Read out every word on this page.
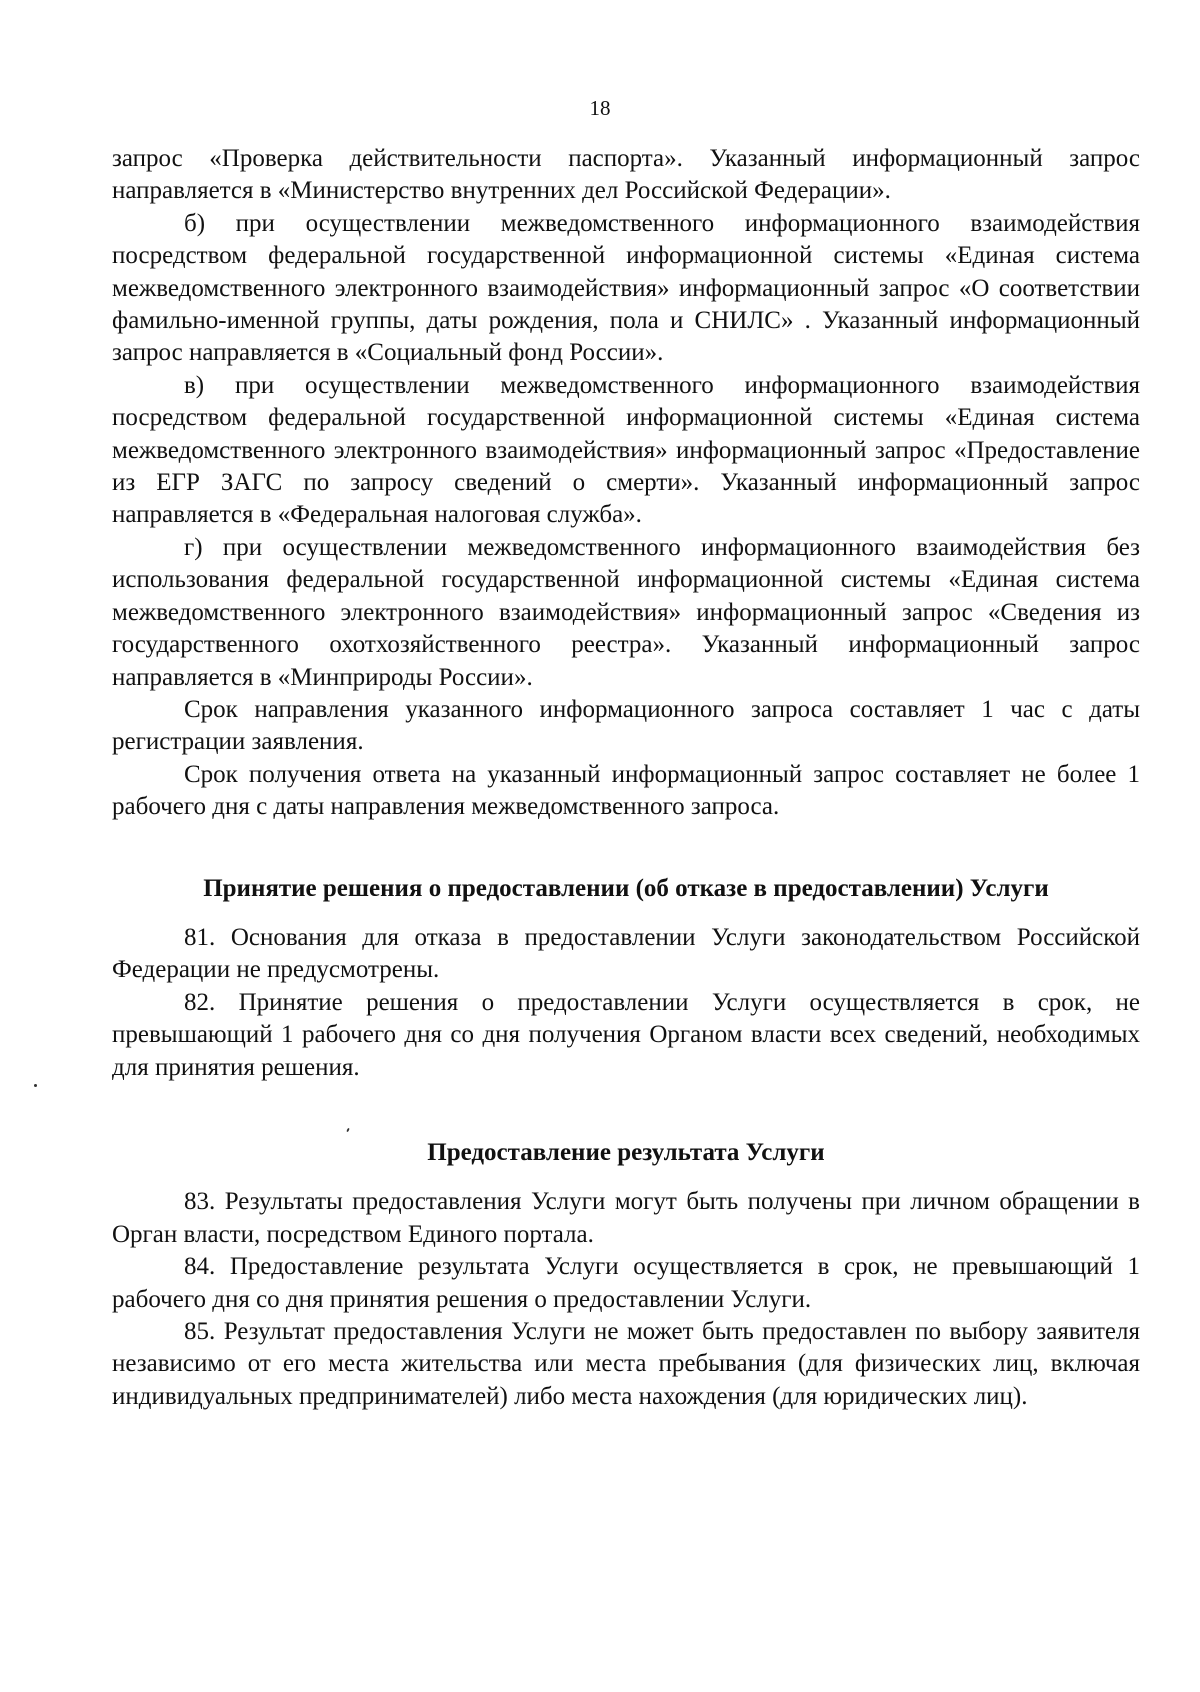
18

запрос «Проверка действительности паспорта». Указанный информационный запрос направляется в «Министерство внутренних дел Российской Федерации».

б) при осуществлении межведомственного информационного взаимодействия посредством федеральной государственной информационной системы «Единая система межведомственного электронного взаимодействия» информационный запрос «О соответствии фамильно-именной группы, даты рождения, пола и СНИЛС» . Указанный информационный запрос направляется в «Социальный фонд России».

в) при осуществлении межведомственного информационного взаимодействия посредством федеральной государственной информационной системы «Единая система межведомственного электронного взаимодействия» информационный запрос «Предоставление из ЕГР ЗАГС по запросу сведений о смерти». Указанный информационный запрос направляется в «Федеральная налоговая служба».

г) при осуществлении межведомственного информационного взаимодействия без использования федеральной государственной информационной системы «Единая система межведомственного электронного взаимодействия» информационный запрос «Сведения из государственного охотхозяйственного реестра». Указанный информационный запрос направляется в «Минприроды России».

Срок направления указанного информационного запроса составляет 1 час с даты регистрации заявления.

Срок получения ответа на указанный информационный запрос составляет не более 1 рабочего дня с даты направления межведомственного запроса.

Принятие решения о предоставлении (об отказе в предоставлении) Услуги

81. Основания для отказа в предоставлении Услуги законодательством Российской Федерации не предусмотрены.

82. Принятие решения о предоставлении Услуги осуществляется в срок, не превышающий 1 рабочего дня со дня получения Органом власти всех сведений, необходимых для принятия решения.

Предоставление результата Услуги

83. Результаты предоставления Услуги могут быть получены при личном обращении в Орган власти, посредством Единого портала.

84. Предоставление результата Услуги осуществляется в срок, не превышающий 1 рабочего дня со дня принятия решения о предоставлении Услуги.

85. Результат предоставления Услуги не может быть предоставлен по выбору заявителя независимо от его места жительства или места пребывания (для физических лиц, включая индивидуальных предпринимателей) либо места нахождения (для юридических лиц).
